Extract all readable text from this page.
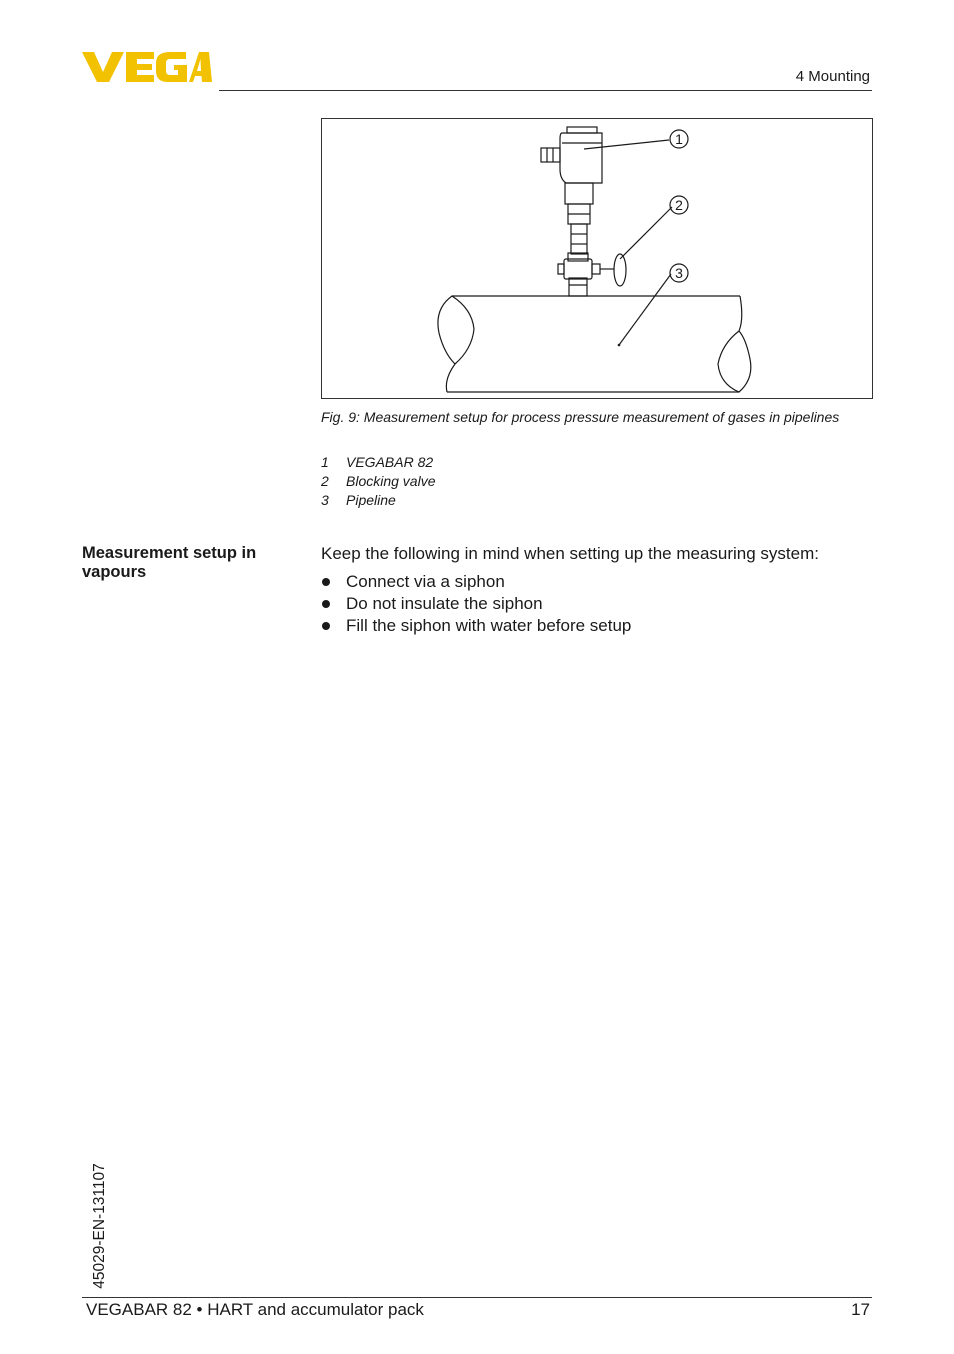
4 Mounting
1
2
3
Fig. 9: Measurement setup for process pressure measurement of gases in pipelines
1	VEGABAR 82
2	Blocking valve
3	Pipeline
Measurement setup in vapours
Keep the following in mind when setting up the measuring system:
Connect via a siphon
Do not insulate the siphon
Fill the siphon with water before setup
45029-EN-131107
VEGABAR 82 • HART and accumulator pack	17
